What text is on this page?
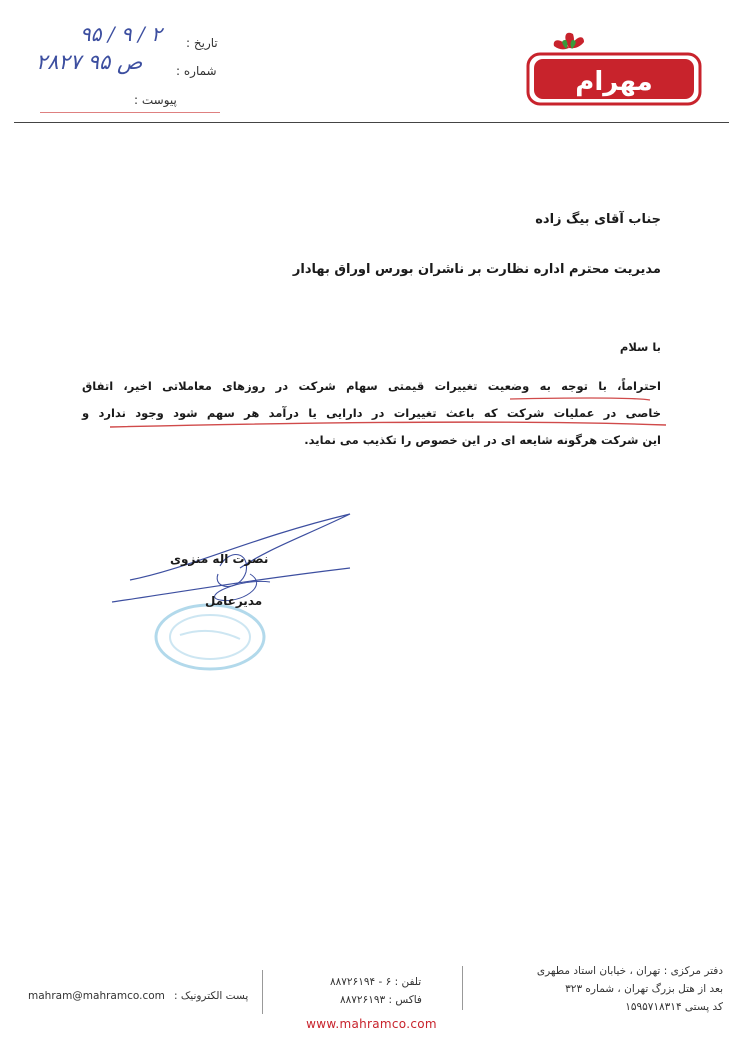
مهرام
تاریخ :
۹۵ / ۹ / ۲
شماره :
۲۸۲۷ ص ۹۵
پیوست :
جناب آقای بیگ زاده
مدیریت محترم اداره نظارت بر ناشران بورس اوراق بهادار
با سلام
احتراماً، با توجه به وضعیت تغییرات قیمتی سهام شرکت در روزهای معاملاتی اخیر، اتفاق
خاصی در عملیات شرکت که باعث تغییرات در دارایی یا درآمد هر سهم شود وجود ندارد و
این شرکت هرگونه شایعه ای در این خصوص را تکذیب می نماید.
نصرت اله منزوی
مدیرعامل
دفتر مرکزی : تهران ، خیابان استاد مطهری
بعد از هتل بزرگ تهران ، شماره ۳۲۳
کد پستی ۱۵۹۵۷۱۸۳۱۴
تلفن : ۶ - ۸۸۷۲۶۱۹۴
فاکس : ۸۸۷۲۶۱۹۳
پست الکترونیک :
mahram@mahramco.com
www.mahramco.com
